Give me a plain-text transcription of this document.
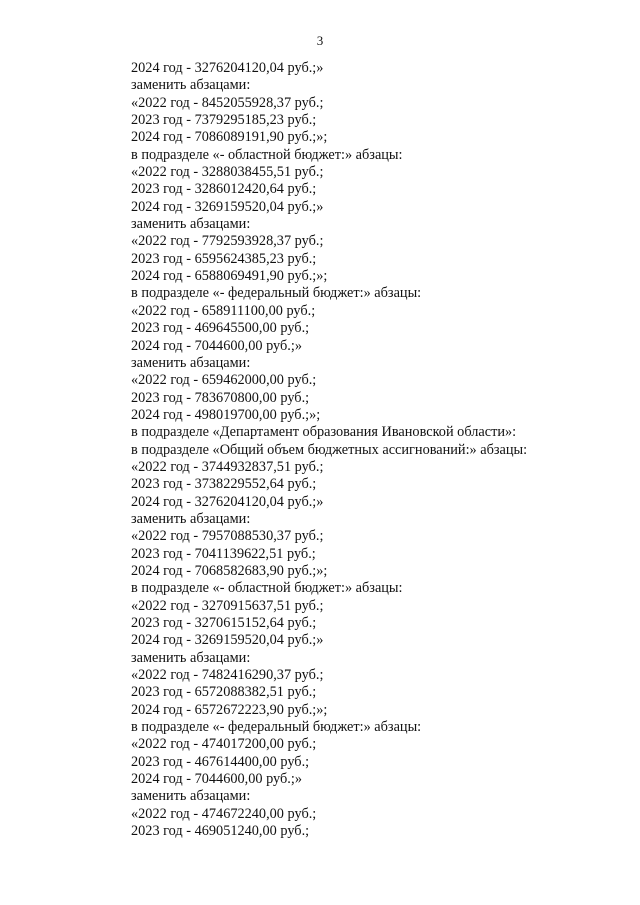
3
2024 год - 3276204120,04 руб.;»
заменить абзацами:
«2022 год - 8452055928,37 руб.;
2023 год - 7379295185,23 руб.;
2024 год - 7086089191,90 руб.;»;
в подразделе «- областной бюджет:» абзацы:
«2022 год - 3288038455,51 руб.;
2023 год - 3286012420,64 руб.;
2024 год - 3269159520,04 руб.;»
заменить абзацами:
«2022 год - 7792593928,37 руб.;
2023 год - 6595624385,23 руб.;
2024 год - 6588069491,90 руб.;»;
в подразделе «- федеральный бюджет:» абзацы:
«2022 год - 658911100,00 руб.;
2023 год - 469645500,00 руб.;
2024 год - 7044600,00 руб.;»
заменить абзацами:
«2022 год - 659462000,00 руб.;
2023 год - 783670800,00 руб.;
2024 год - 498019700,00 руб.;»;
в подразделе «Департамент образования Ивановской области»:
в подразделе «Общий объем бюджетных ассигнований:» абзацы:
«2022 год - 3744932837,51 руб.;
2023 год - 3738229552,64 руб.;
2024 год - 3276204120,04 руб.;»
заменить абзацами:
«2022 год - 7957088530,37 руб.;
2023 год - 7041139622,51 руб.;
2024 год - 7068582683,90 руб.;»;
в подразделе «- областной бюджет:» абзацы:
«2022 год - 3270915637,51 руб.;
2023 год - 3270615152,64 руб.;
2024 год - 3269159520,04 руб.;»
заменить абзацами:
«2022 год - 7482416290,37 руб.;
2023 год - 6572088382,51 руб.;
2024 год - 6572672223,90 руб.;»;
в подразделе «- федеральный бюджет:» абзацы:
«2022 год - 474017200,00 руб.;
2023 год - 467614400,00 руб.;
2024 год - 7044600,00 руб.;»
заменить абзацами:
«2022 год - 474672240,00 руб.;
2023 год - 469051240,00 руб.;
